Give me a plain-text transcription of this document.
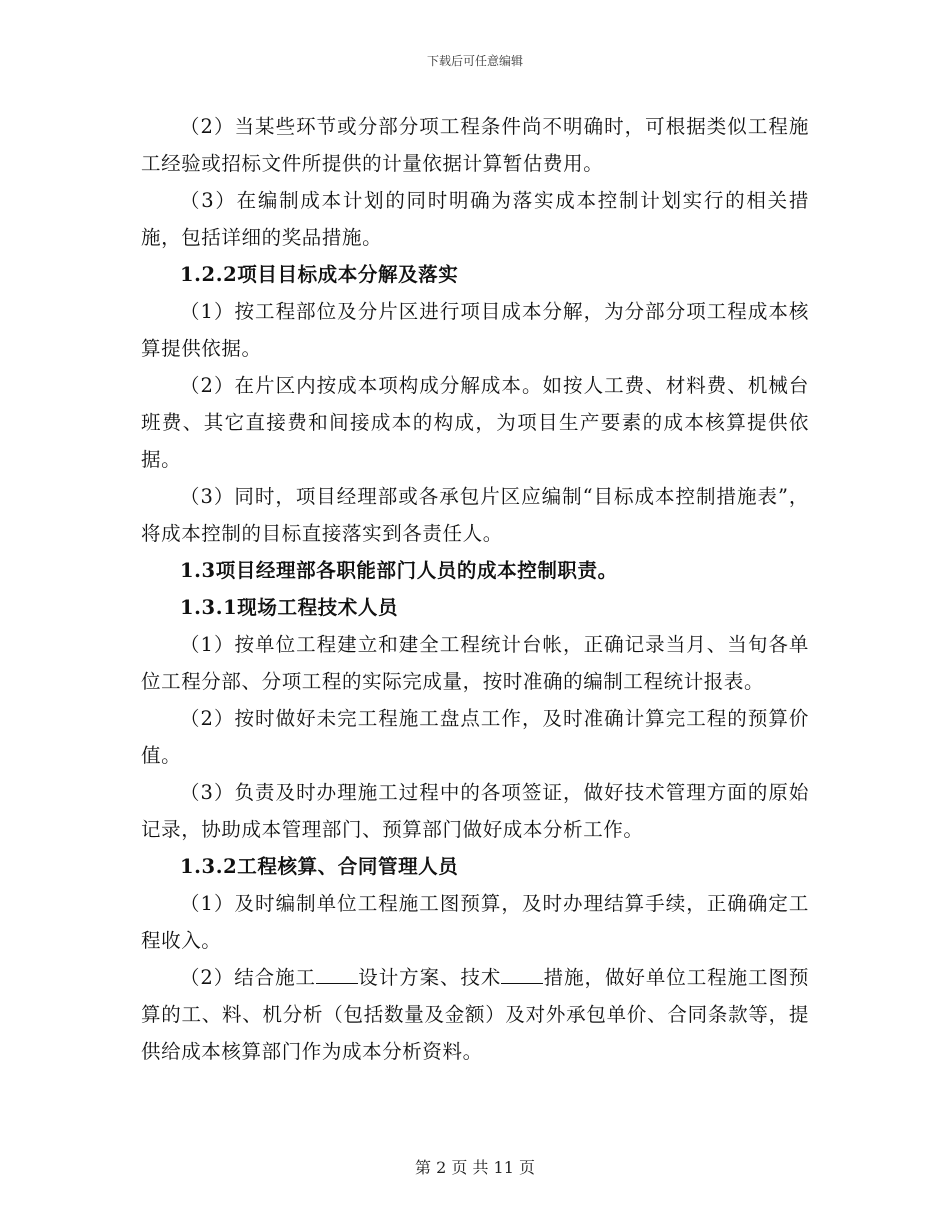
下载后可任意编辑

（2）当某些环节或分部分项工程条件尚不明确时，可根据类似工程施工经验或招标文件所提供的计量依据计算暂估费用。

（3）在编制成本计划的同时明确为落实成本控制计划实行的相关措施，包括详细的奖品措施。

1.2.2项目目标成本分解及落实

（1）按工程部位及分片区进行项目成本分解，为分部分项工程成本核算提供依据。

（2）在片区内按成本项构成分解成本。如按人工费、材料费、机械台班费、其它直接费和间接成本的构成，为项目生产要素的成本核算提供依据。

（3）同时，项目经理部或各承包片区应编制“目标成本控制措施表”，将成本控制的目标直接落实到各责任人。

1.3项目经理部各职能部门人员的成本控制职责。

1.3.1现场工程技术人员

（1）按单位工程建立和建全工程统计台帐，正确记录当月、当旬各单位工程分部、分项工程的实际完成量，按时准确的编制工程统计报表。

（2）按时做好未完工程施工盘点工作，及时准确计算完工程的预算价值。

（3）负责及时办理施工过程中的各项签证，做好技术管理方面的原始记录，协助成本管理部门、预算部门做好成本分析工作。

1.3.2工程核算、合同管理人员

（1）及时编制单位工程施工图预算，及时办理结算手续，正确确定工程收入。

（2）结合施工 设计方案、技术 措施，做好单位工程施工图预算的工、料、机分析（包括数量及金额）及对外承包单价、合同条款等，提供给成本核算部门作为成本分析资料。

第 2 页 共 11 页
